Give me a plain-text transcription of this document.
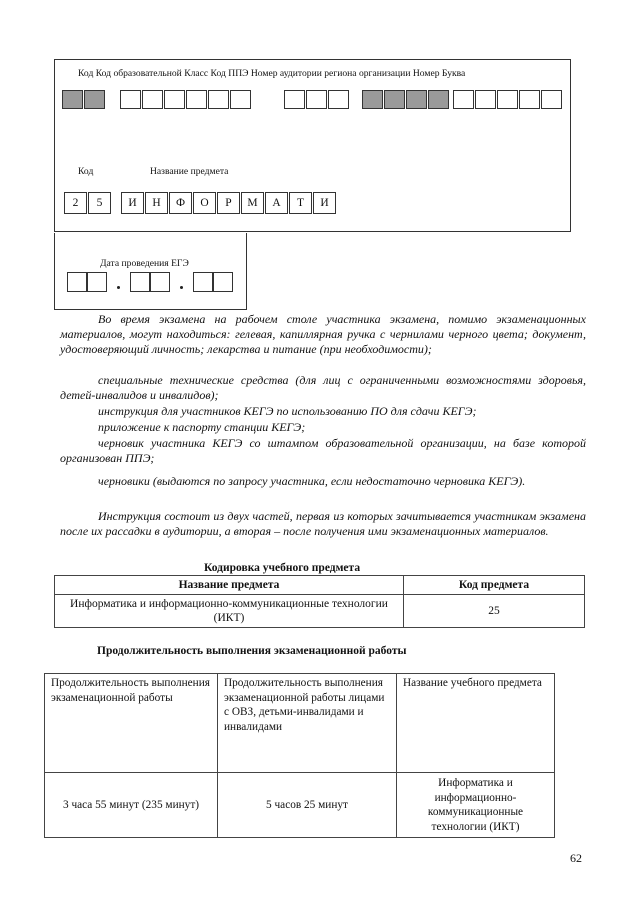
Код Код образовательной Класс Код ППЭ Номер аудитории региона организации Номер Буква
Код	Название предмета
2	5	И	Н	Ф	О	Р	М	А	Т	И
Дата проведения ЕГЭ
Во время экзамена на рабочем столе участника экзамена, помимо экзаменационных материалов, могут находиться: гелевая, капиллярная ручка с чернилами черного цвета; документ, удостоверяющий личность; лекарства и питание (при необходимости);
специальные технические средства (для лиц с ограниченными возможностями здоровья, детей-инвалидов и инвалидов);
инструкция для участников КЕГЭ по использованию ПО для сдачи КЕГЭ;
приложение к паспорту станции КЕГЭ;
черновик участника КЕГЭ со штампом образовательной организации, на базе которой организован ППЭ;
черновики (выдаются по запросу участника, если недостаточно черновика КЕГЭ).
Инструкция состоит из двух частей, первая из которых зачитывается участникам экзамена после их рассадки в аудитории, а вторая – после получения ими экзаменационных материалов.
Кодировка учебного предмета
Название предмета	Код предмета
Информатика и информационно-коммуникационные технологии (ИКТ)	25
Продолжительность выполнения экзаменационной работы
Продолжительность выполнения экзаменационной работы	Продолжительность выполнения экзаменационной работы лицами с ОВЗ, детьми-инвалидами и инвалидами	Название учебного предмета
3 часа 55 минут (235 минут)	5 часов 25 минут	Информатика и информационно-коммуникационные технологии (ИКТ)
62
